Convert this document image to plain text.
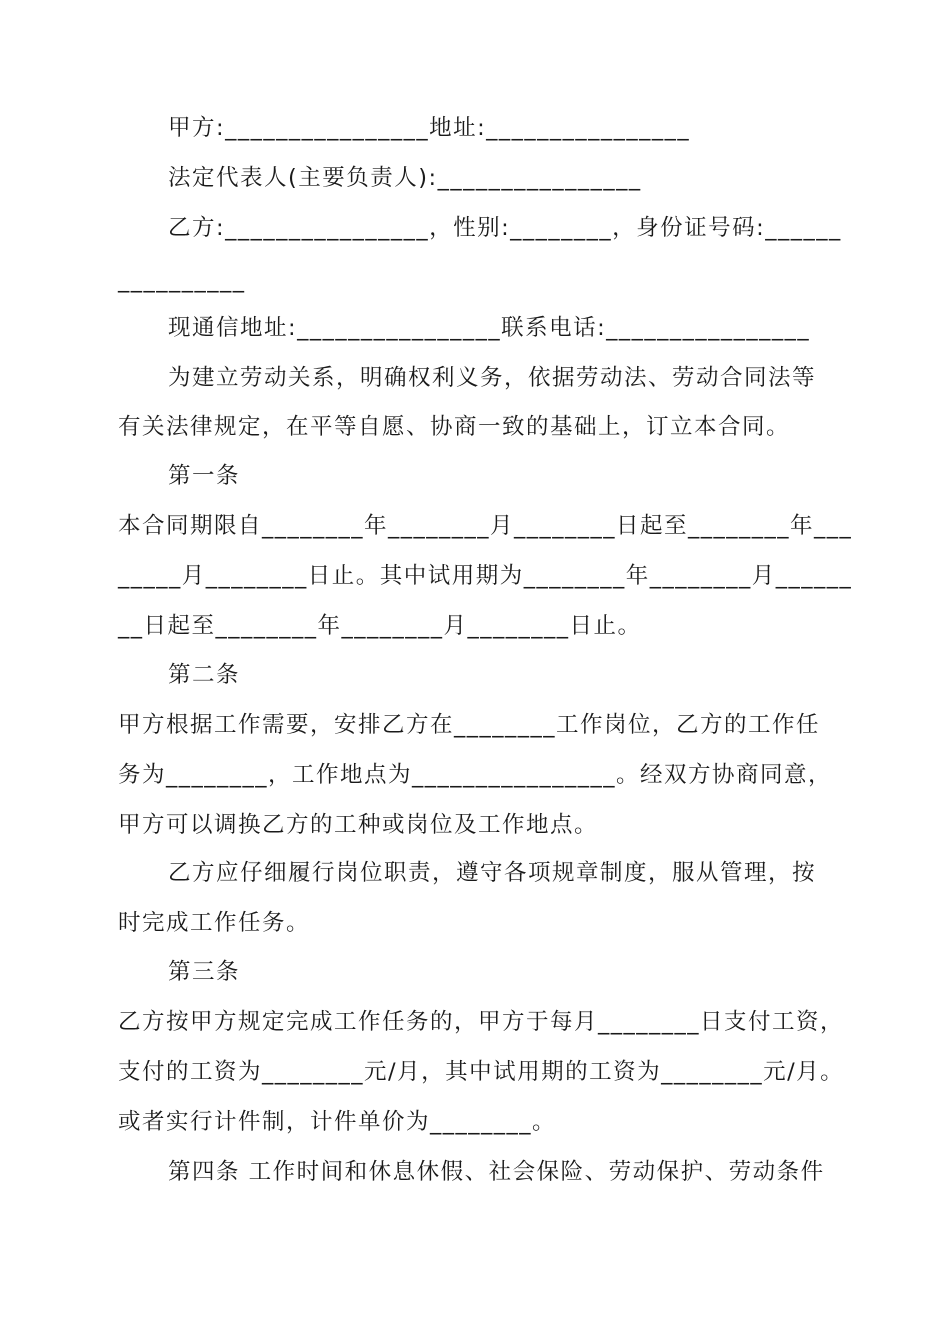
甲方:________________地址:________________
法定代表人(主要负责人):________________
乙方:________________，性别:________，身份证号码:______
__________
现通信地址:________________联系电话:________________
为建立劳动关系，明确权利义务，依据劳动法、劳动合同法等
有关法律规定，在平等自愿、协商一致的基础上，订立本合同。
第一条
本合同期限自________年________月________日起至________年___
_____月________日止。其中试用期为________年________月______
__日起至________年________月________日止。
第二条
甲方根据工作需要，安排乙方在________工作岗位，乙方的工作任
务为________，工作地点为________________。经双方协商同意，
甲方可以调换乙方的工种或岗位及工作地点。
乙方应仔细履行岗位职责，遵守各项规章制度，服从管理，按
时完成工作任务。
第三条
乙方按甲方规定完成工作任务的，甲方于每月________日支付工资，
支付的工资为________元/月，其中试用期的工资为________元/月。
或者实行计件制，计件单价为________。
第四条 工作时间和休息休假、社会保险、劳动保护、劳动条件
